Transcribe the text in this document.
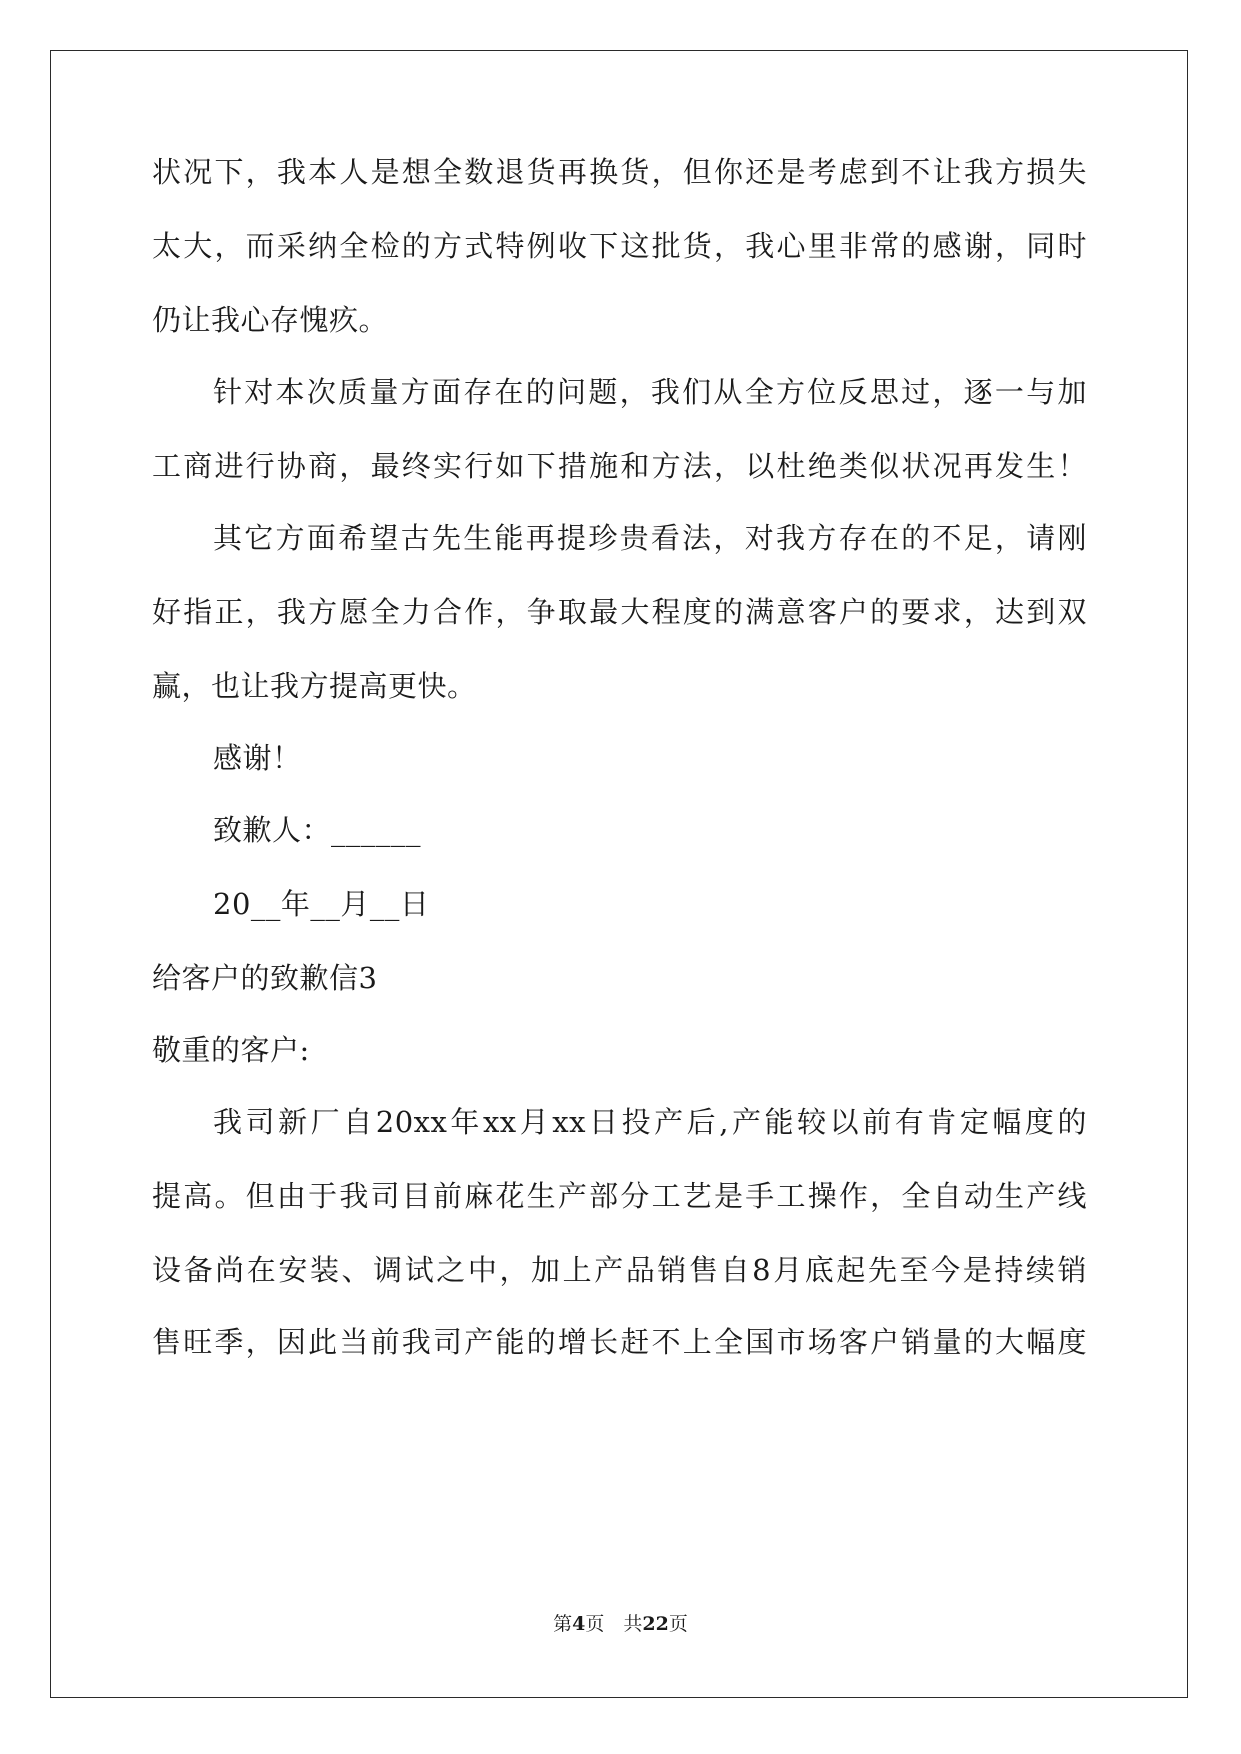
状况下，我本人是想全数退货再换货，但你还是考虑到不让我方损失
太大，而采纳全检的方式特例收下这批货，我心里非常的感谢，同时
仍让我心存愧疚。
针对本次质量方面存在的问题，我们从全方位反思过，逐一与加
工商进行协商，最终实行如下措施和方法，以杜绝类似状况再发生！
其它方面希望古先生能再提珍贵看法，对我方存在的不足，请刚
好指正，我方愿全力合作，争取最大程度的满意客户的要求，达到双
赢，也让我方提高更快。
感谢！
致歉人：______
20__年__月__日
给客户的致歉信3
敬重的客户:
我司新厂自20xx年xx月xx日投产后,产能较以前有肯定幅度的
提高。但由于我司目前麻花生产部分工艺是手工操作，全自动生产线
设备尚在安装、调试之中，加上产品销售自8月底起先至今是持续销
售旺季，因此当前我司产能的增长赶不上全国市场客户销量的大幅度
第4页　共22页
